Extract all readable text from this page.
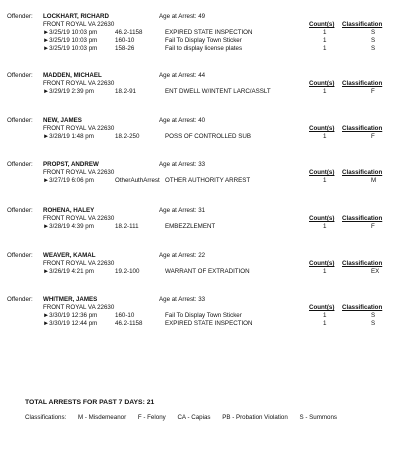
Offender: LOCKHART, RICHARD	Age at Arrest: 49
FRONT ROYAL VA 22630	Count(s) Classification
►3/25/19 10:03 pm	46.2-1158	EXPIRED STATE INSPECTION	1	S
►3/25/19 10:03 pm	160-10	Fail To Display Town Sticker	1	S
►3/25/19 10:03 pm	158-26	Fail to display license plates	1	S
Offender: MADDEN, MICHAEL	Age at Arrest: 44
FRONT ROYAL VA 22630	Count(s) Classification
►3/29/19 2:39 pm	18.2-91	ENT DWELL W/INTENT LARC/ASSLT	1	F
Offender: NEW, JAMES	Age at Arrest: 40
FRONT ROYAL VA 22630	Count(s) Classification
►3/28/19 1:48 pm	18.2-250	POSS OF CONTROLLED SUB	1	F
Offender: PROPST, ANDREW	Age at Arrest: 33
FRONT ROYAL VA 22630	Count(s) Classification
►3/27/19 6:06 pm	OtherAuthArrest OTHER AUTHORITY ARREST	1	M
Offender: ROHENA, HALEY	Age at Arrest: 31
FRONT ROYAL VA 22630	Count(s) Classification
►3/28/19 4:39 pm	18.2-111	EMBEZZLEMENT	1	F
Offender: WEAVER, KAMAL	Age at Arrest: 22
FRONT ROYAL VA 22630	Count(s) Classification
►3/26/19 4:21 pm	19.2-100	WARRANT OF EXTRADITION	1	EX
Offender: WHITMER, JAMES	Age at Arrest: 33
FRONT ROYAL VA 22630	Count(s) Classification
►3/30/19 12:36 pm	160-10	Fail To Display Town Sticker	1	S
►3/30/19 12:44 pm	46.2-1158	EXPIRED STATE INSPECTION	1	S
TOTAL ARRESTS FOR PAST 7 DAYS: 21
Classifications: M - Misdemeanor F - Felony CA - Capias PB - Probation Violation S - Summons
